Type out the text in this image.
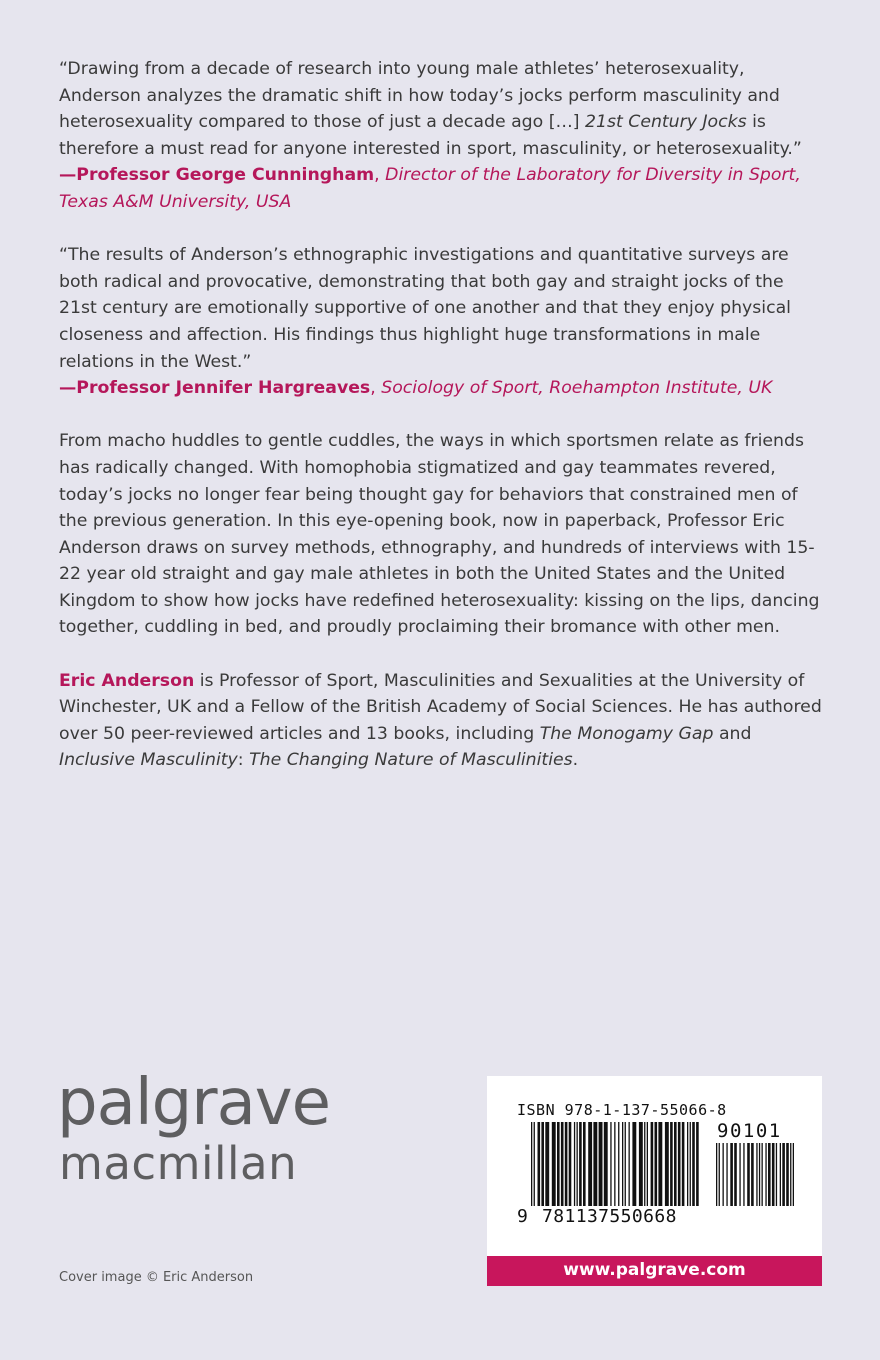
“Drawing from a decade of research into young male athletes’ heterosexuality, Anderson analyzes the dramatic shift in how today’s jocks perform masculinity and heterosexuality compared to those of just a decade ago […] 21st Century Jocks is therefore a must read for anyone interested in sport, masculinity, or heterosexuality.”
—Professor George Cunningham, Director of the Laboratory for Diversity in Sport, Texas A&M University, USA

“The results of Anderson’s ethnographic investigations and quantitative surveys are both radical and provocative, demonstrating that both gay and straight jocks of the 21st century are emotionally supportive of one another and that they enjoy physical closeness and affection. His findings thus highlight huge transformations in male relations in the West.”
—Professor Jennifer Hargreaves, Sociology of Sport, Roehampton Institute, UK

From macho huddles to gentle cuddles, the ways in which sportsmen relate as friends has radically changed. With homophobia stigmatized and gay teammates revered, today’s jocks no longer fear being thought gay for behaviors that constrained men of the previous generation. In this eye-opening book, now in paperback, Professor Eric Anderson draws on survey methods, ethnography, and hundreds of interviews with 15-22 year old straight and gay male athletes in both the United States and the United Kingdom to show how jocks have redefined heterosexuality: kissing on the lips, dancing together, cuddling in bed, and proudly proclaiming their bromance with other men.

Eric Anderson is Professor of Sport, Masculinities and Sexualities at the University of Winchester, UK and a Fellow of the British Academy of Social Sciences. He has authored over 50 peer-reviewed articles and 13 books, including The Monogamy Gap and Inclusive Masculinity: The Changing Nature of Masculinities.

palgrave
macmillan
Cover image © Eric Anderson
ISBN 978-1-137-55066-8
90101
9 781137550668
www.palgrave.com
